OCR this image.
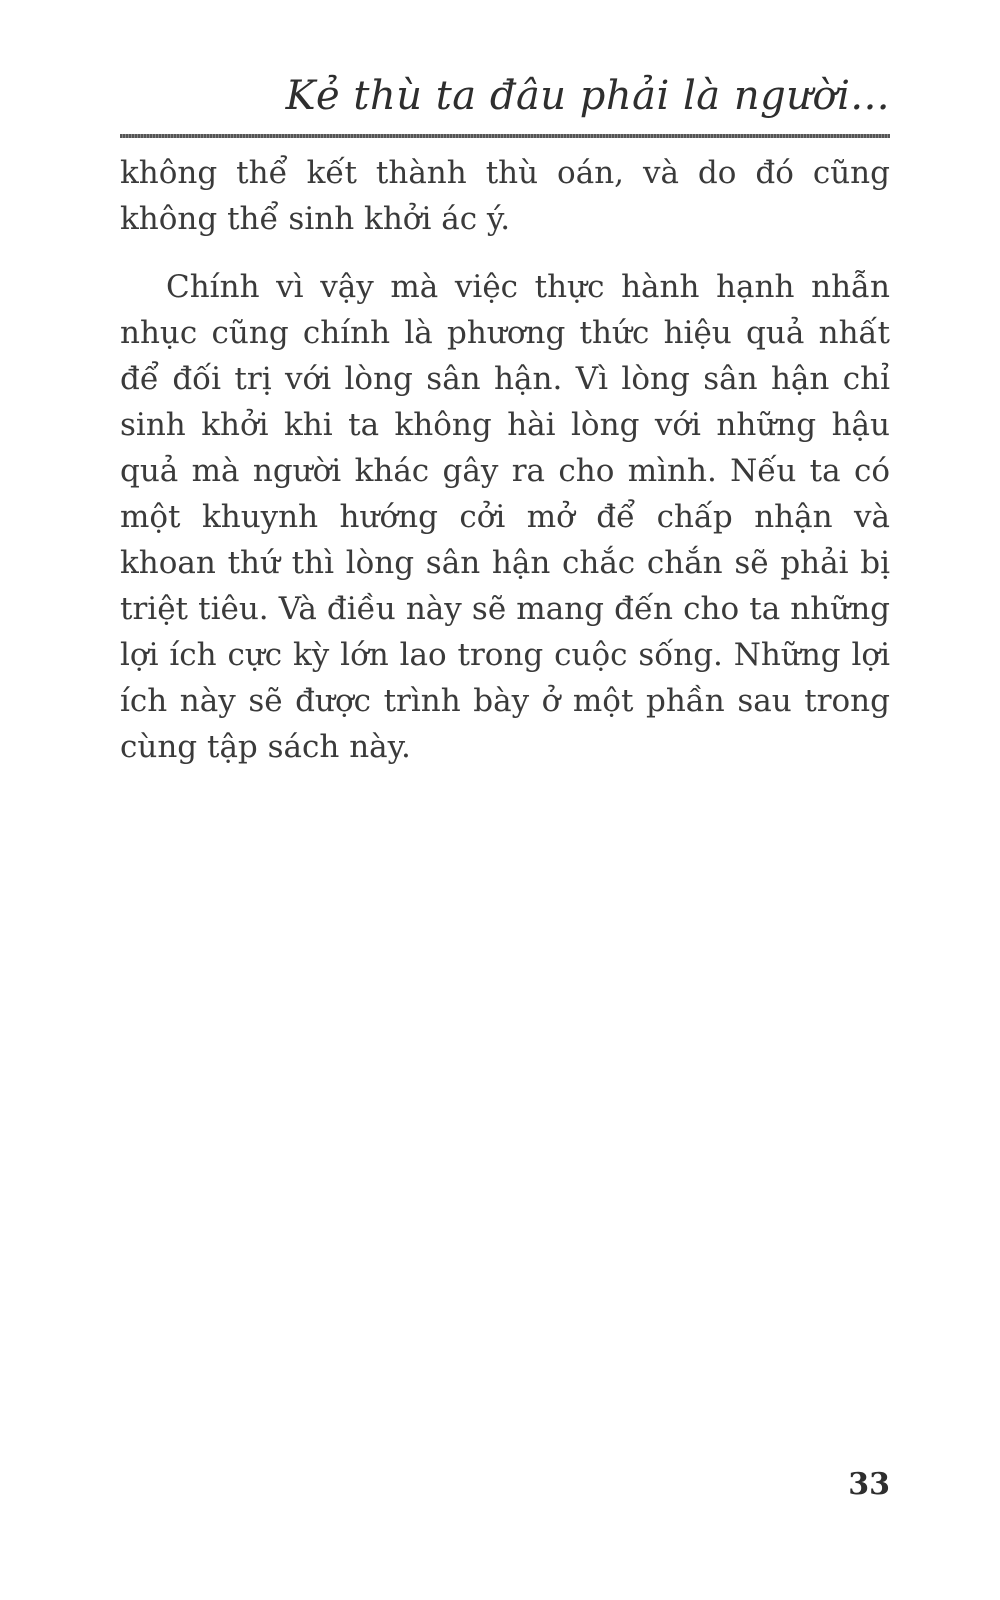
Kẻ thù ta đâu phải là người...

không thể kết thành thù oán, và do đó cũng không thể sinh khởi ác ý.

Chính vì vậy mà việc thực hành hạnh nhẫn nhục cũng chính là phương thức hiệu quả nhất để đối trị với lòng sân hận. Vì lòng sân hận chỉ sinh khởi khi ta không hài lòng với những hậu quả mà người khác gây ra cho mình. Nếu ta có một khuynh hướng cởi mở để chấp nhận và khoan thứ thì lòng sân hận chắc chắn sẽ phải bị triệt tiêu. Và điều này sẽ mang đến cho ta những lợi ích cực kỳ lớn lao trong cuộc sống. Những lợi ích này sẽ được trình bày ở một phần sau trong cùng tập sách này.

33
